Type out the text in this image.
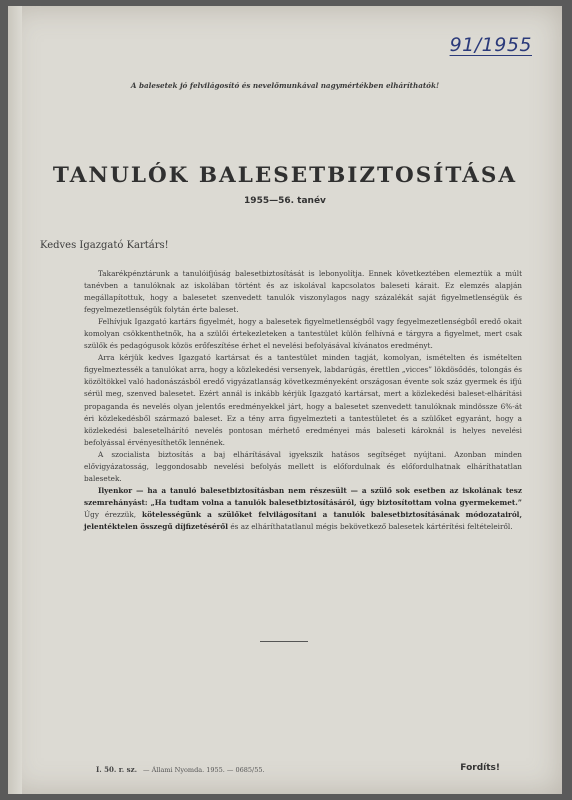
91/1955
A balesetek jó felvilágosító és nevelőmunkával nagymértékben elháríthatók!
TANULÓK BALESETBIZTOSÍTÁSA
1955—56. tanév
Kedves Igazgató Kartárs!

Takarékpénztárunk a tanulóifjúság balesetbiztosítását is lebonyolítja. Ennek következtében elemeztük a múlt tanévben a tanulóknak az iskolában történt és az iskolával kapcsolatos baleseti kárait. Ez elemzés alapján megállapítottuk, hogy a balesetet szenvedett tanulók viszonylagos nagy százalékát saját figyelmetlenségük és fegyelmezetlenségük folytán érte baleset.

Felhívjuk Igazgató kartárs figyelmét, hogy a balesetek figyelmetlenségből vagy fegyelmezetlenségből eredő okait komolyan csökkenthetnők, ha a szülői értekezleteken a tantestület külön felhívná e tárgyra a figyelmet, mert csak szülők és pedagógusok közös erőfeszítése érhet el nevelési befolyásával kívánatos eredményt.

Arra kérjük kedves Igazgató kartársat és a tantestület minden tagját, komolyan, ismételten és ismételten figyelmeztessék a tanulókat arra, hogy a közlekedési versenyek, labdarúgás, érettlen „vicces” lökdösődés, tolongás és közöltökkel való hadonászásból eredő vigyázatlanság következményeként országosan évente sok száz gyermek és ifjú sérül meg, szenved balesetet. Ezért annál is inkább kérjük Igazgató kartársat, mert a közlekedési baleset-elhárítási propaganda és nevelés olyan jelentős eredményekkel járt, hogy a balesetet szenvedett tanulóknak mindössze 6%-át éri közlekedésből származó baleset. Ez a tény arra figyelmezteti a tantestületet és a szülőket egyaránt, hogy a közlekedési balesetelhárító nevelés pontosan mérhető eredményei más baleseti károknál is helyes nevelési befolyással érvényesíthetők lennének.

A szocialista biztosítás a baj elhárításával igyekszik hatásos segítséget nyújtani. Azonban minden elővigyázatosság, leggondosabb nevelési befolyás mellett is előfordulnak és előfordulhatnak elháríthatatlan balesetek.

Ilyenkor — ha a tanuló balesetbiztosításban nem részesült — a szülő sok esetben az iskolának tesz szemrehányást: „Ha tudtam volna a tanulók balesetbiztosításáról, úgy biztosítottam volna gyermekemet.” Úgy érezzük, kötelességünk a szülőket felvilágosítani a tanulók balesetbiztosításának módozatairól, jelentéktelen összegű díjfizetéséről és az elháríthatatlanul mégis bekövetkező balesetek kártérítési feltételeiről.

I. 50. r. sz. — Állami Nyomda. 1955. — 0685/55.	Fordíts!
